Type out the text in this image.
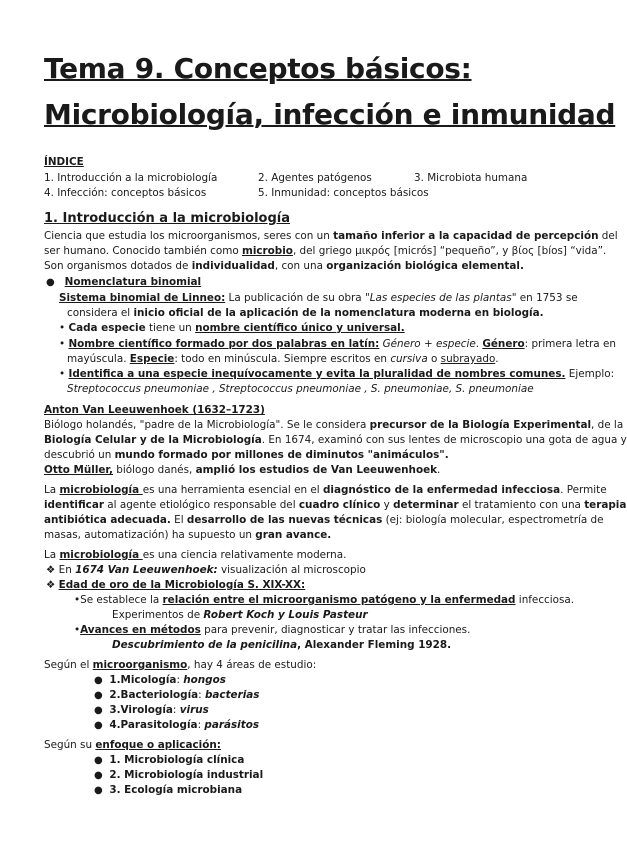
Tema 9. Conceptos básicos:
Microbiología, infección e inmunidad
ÍNDICE
1. Introducción a la microbiología	2. Agentes patógenos	3. Microbiota humana
4. Infección: conceptos básicos	5. Inmunidad: conceptos básicos
1. Introducción a la microbiología
Ciencia que estudia los microorganismos, seres con un tamaño inferior a la capacidad de percepción del
ser humano. Conocido también como microbio, del griego μικρός [micrós] “pequeño”, y βίος [bíos] “vida”.
Son organismos dotados de individualidad, con una organización biológica elemental.
● Nomenclatura binomial
Sistema binomial de Linneo: La publicación de su obra "Las especies de las plantas" en 1753 se
considera el inicio oficial de la aplicación de la nomenclatura moderna en biología.
• Cada especie tiene un nombre científico único y universal.
• Nombre científico formado por dos palabras en latín: Género + especie. Género: primera letra en
mayúscula. Especie: todo en minúscula. Siempre escritos en cursiva o subrayado.
• Identifica a una especie inequívocamente y evita la pluralidad de nombres comunes. Ejemplo:
Streptococcus pneumoniae , Streptococcus pneumoniae , S. pneumoniae, S. pneumoniae
Anton Van Leeuwenhoek (1632–1723)
Biólogo holandés, "padre de la Microbiología". Se le considera precursor de la Biología Experimental, de la
Biología Celular y de la Microbiología. En 1674, examinó con sus lentes de microscopio una gota de agua y
descubrió un mundo formado por millones de diminutos "animáculos".
Otto Müller, biólogo danés, amplió los estudios de Van Leeuwenhoek.
La microbiología es una herramienta esencial en el diagnóstico de la enfermedad infecciosa. Permite
identificar al agente etiológico responsable del cuadro clínico y determinar el tratamiento con una terapia
antibiótica adecuada. El desarrollo de las nuevas técnicas (ej: biología molecular, espectrometría de
masas, automatización) ha supuesto un gran avance.
La microbiología es una ciencia relativamente moderna.
❖ En 1674 Van Leeuwenhoek: visualización al microscopio
❖ Edad de oro de la Microbiología S. XIX-XX:
•Se establece la relación entre el microorganismo patógeno y la enfermedad infecciosa.
Experimentos de Robert Koch y Louis Pasteur
•Avances en métodos para prevenir, diagnosticar y tratar las infecciones.
Descubrimiento de la penicilina, Alexander Fleming 1928.
Según el microorganismo, hay 4 áreas de estudio:
● 1.Micología: hongos
● 2.Bacteriología: bacterias
● 3.Virología: virus
● 4.Parasitología: parásitos
Según su enfoque o aplicación:
● 1. Microbiología clínica
● 2. Microbiología industrial
● 3. Ecología microbiana
